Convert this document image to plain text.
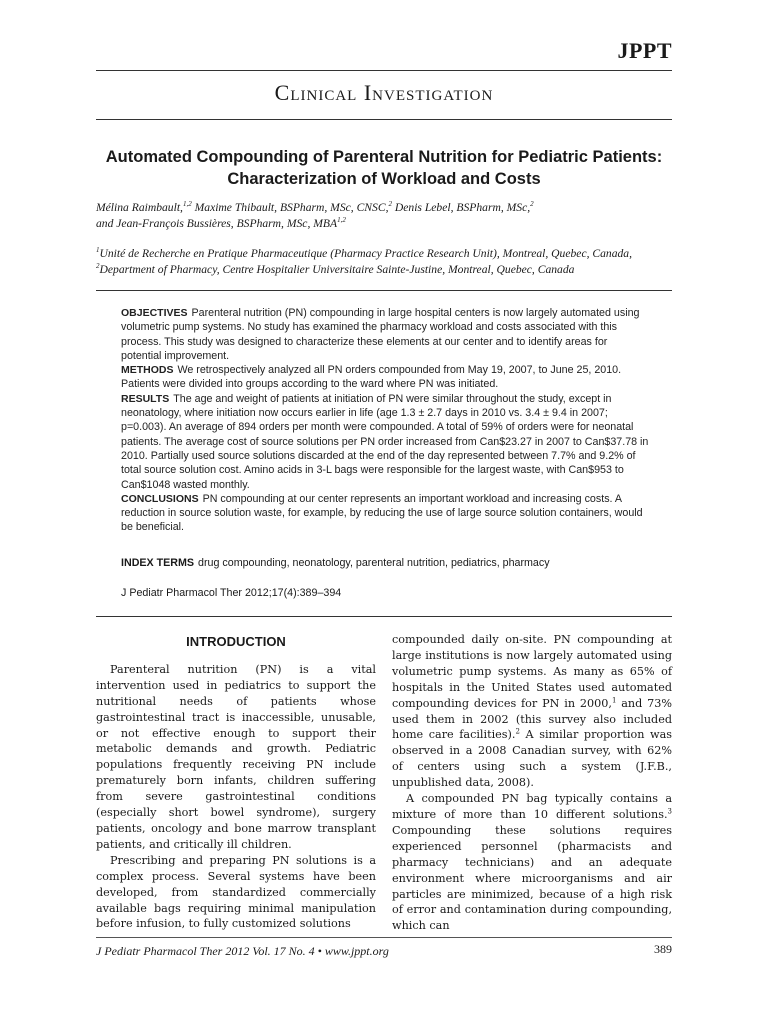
JPPT
Clinical Investigation
Automated Compounding of Parenteral Nutrition for Pediatric Patients: Characterization of Workload and Costs
Mélina Raimbault,$^{1,2}$ Maxime Thibault, BSPharm, MSc, CNSC,$^2$ Denis Lebel, BSPharm, MSc,$^2$
and Jean-François Bussières, BSPharm, MSc, MBA$^{1,2}$
$^1$Unité de Recherche en Pratique Pharmaceutique (Pharmacy Practice Research Unit), Montreal, Quebec, Canada,
$^2$Department of Pharmacy, Centre Hospitalier Universitaire Sainte-Justine, Montreal, Quebec, Canada

OBJECTIVES Parenteral nutrition (PN) compounding in large hospital centers is now largely automated using volumetric pump systems. No study has examined the pharmacy workload and costs associated with this process. This study was designed to characterize these elements at our center and to identify areas for potential improvement.

METHODS We retrospectively analyzed all PN orders compounded from May 19, 2007, to June 25, 2010. Patients were divided into groups according to the ward where PN was initiated.

RESULTS The age and weight of patients at initiation of PN were similar throughout the study, except in neonatology, where initiation now occurs earlier in life (age 1.3 ± 2.7 days in 2010 vs. 3.4 ± 9.4 in 2007; p=0.003). An average of 894 orders per month were compounded. A total of 59% of orders were for neonatal patients. The average cost of source solutions per PN order increased from Can$23.27 in 2007 to Can$37.78 in 2010. Partially used source solutions discarded at the end of the day represented between 7.7% and 9.2% of total source solution cost. Amino acids in 3-L bags were responsible for the largest waste, with Can$953 to Can$1048 wasted monthly.

CONCLUSIONS PN compounding at our center represents an important workload and increasing costs. A reduction in source solution waste, for example, by reducing the use of large source solution containers, would be beneficial.

INDEX TERMS drug compounding, neonatology, parenteral nutrition, pediatrics, pharmacy
J Pediatr Pharmacol Ther 2012;17(4):389–394
INTRODUCTION

Parenteral nutrition (PN) is a vital intervention used in pediatrics to support the nutritional needs of patients whose gastrointestinal tract is inaccessible, unusable, or not effective enough to support their metabolic demands and growth. Pediatric populations frequently receiving PN include prematurely born infants, children suffering from severe gastrointestinal conditions (especially short bowel syndrome), surgery patients, oncology and bone marrow transplant patients, and critically ill children.

Prescribing and preparing PN solutions is a complex process. Several systems have been developed, from standardized commercially available bags requiring minimal manipulation before infusion, to fully customized solutions

compounded daily on-site. PN compounding at large institutions is now largely automated using volumetric pump systems. As many as 65% of hospitals in the United States used automated compounding devices for PN in 2000,$^1$ and 73% used them in 2002 (this survey also included home care facilities).$^2$ A similar proportion was observed in a 2008 Canadian survey, with 62% of centers using such a system (J.F.B., unpublished data, 2008).

A compounded PN bag typically contains a mixture of more than 10 different solutions.$^3$ Compounding these solutions requires experienced personnel (pharmacists and pharmacy technicians) and an adequate environment where microorganisms and air particles are minimized, because of a high risk of error and contamination during compounding, which can

J Pediatr Pharmacol Ther 2012 Vol. 17 No. 4 • www.jppt.org	389
